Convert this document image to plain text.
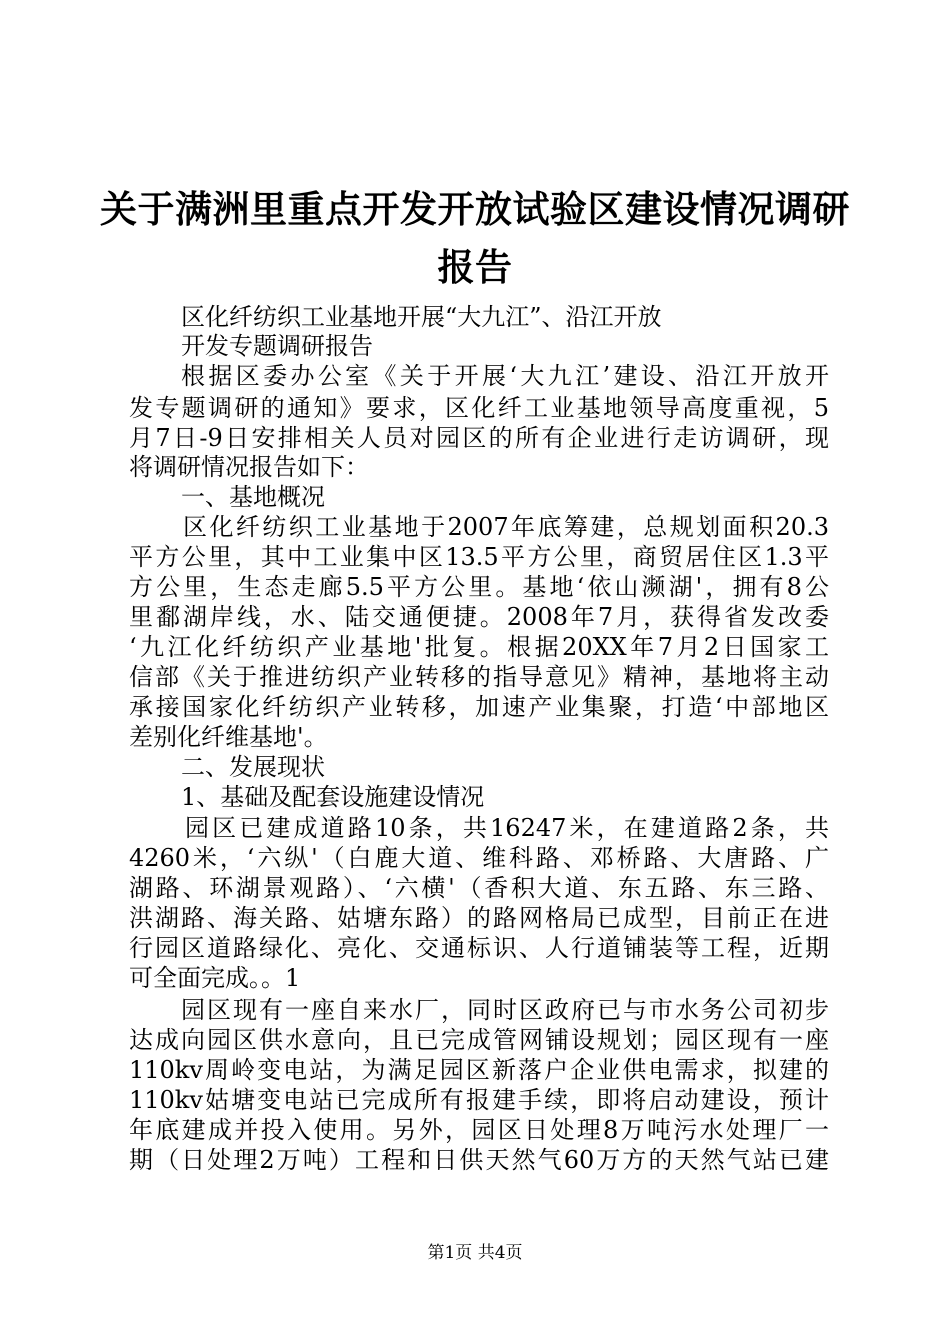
关于满洲里重点开发开放试验区建设情况调研
报告
区化纤纺织工业基地开展“大九江”、沿江开放
开发专题调研报告
根据区委办公室《关于开展‘大九江’建设、沿江开放开
发专题调研的通知》要求，区化纤工业基地领导高度重视，5
月7日-9日安排相关人员对园区的所有企业进行走访调研，现
将调研情况报告如下：
一、基地概况
区化纤纺织工业基地于2007年底筹建，总规划面积20.3
平方公里，其中工业集中区13.5平方公里，商贸居住区1.3平
方公里，生态走廊5.5平方公里。基地‘依山濒湖'，拥有8公
里鄱湖岸线，水、陆交通便捷。2008年7月，获得省发改委
‘九江化纤纺织产业基地'批复。根据20XX年7月2日国家工
信部《关于推进纺织产业转移的指导意见》精神，基地将主动
承接国家化纤纺织产业转移，加速产业集聚，打造‘中部地区
差别化纤维基地'。
二、发展现状
1、基础及配套设施建设情况
园区已建成道路10条，共16247米，在建道路2条，共
4260米，‘六纵'（白鹿大道、维科路、邓桥路、大唐路、广
湖路、环湖景观路）、‘六横'（香积大道、东五路、东三路、
洪湖路、海关路、姑塘东路）的路网格局已成型，目前正在进
行园区道路绿化、亮化、交通标识、人行道铺装等工程，近期
可全面完成。。1
园区现有一座自来水厂，同时区政府已与市水务公司初步
达成向园区供水意向，且已完成管网铺设规划；园区现有一座
110kv周岭变电站，为满足园区新落户企业供电需求，拟建的
110kv姑塘变电站已完成所有报建手续，即将启动建设，预计
年底建成并投入使用。另外，园区日处理8万吨污水处理厂一
期（日处理2万吨）工程和日供天然气60万方的天然气站已建
第1页 共4页
